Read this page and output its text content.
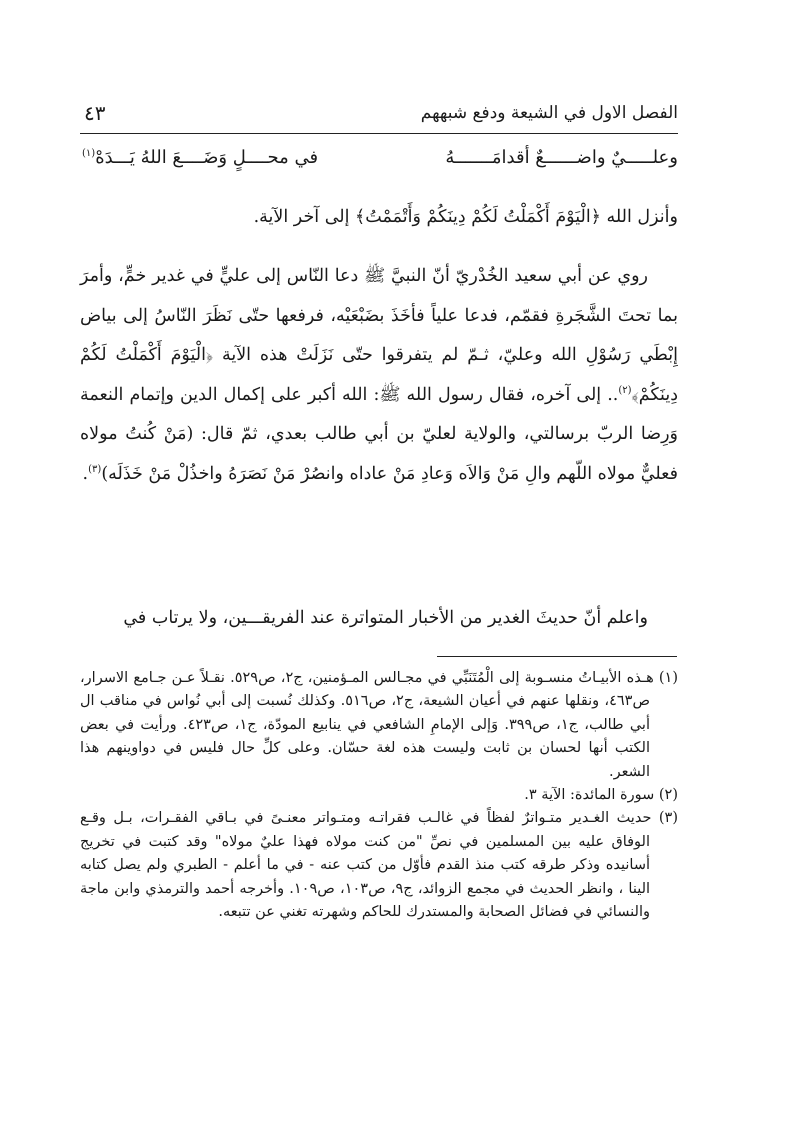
الفصل الاول في الشيعة ودفع شبههم
٤٣
وعلـــــيٌ واضــــــعٌ أقدامَـــــــهُ
في محــــلٍ وَضَــــعَ اللهُ يَـــدَهْ$^{(١)}$
وأنزل الله ﴿الْيَوْمَ أَكْمَلْتُ لَكُمْ دِينَكُمْ وَأَتْمَمْتُ﴾ إلى آخر الآية.
روي عن أبي سعيد الخُدْريّ أنّ النبيَّ ﷺ دعا النّاس إلى عليٍّ في غدير خمٍّ، وأمرَ بما تحتَ الشَّجَرةِ فقمّم، فدعا علياً فأخَذَ بضَبْعَيْه، فرفعها حتّى نَظَرَ النّاسُ إلى بياض إِبْطَي رَسُوْلِ الله وعليّ، ثـمّ لم يتفرقوا حتّى نَزَلَتْ هذه الآية ﴿الْيَوْمَ أَكْمَلْتُ لَكُمْ دِينَكُمْ﴾$^{(٢)}$.. إلى آخره، فقال رسول الله ﷺ: الله أكبر على إكمال الدين وإتمام النعمة وَرِضا الربّ برسالتي، والولاية لعليّ بن أبي طالب بعدي، ثمّ قال: (مَنْ كُنتُ مولاه فعليٌّ مولاه اللّهم والِ مَنْ وَالاَه وَعادِ مَنْ عاداه وانصُرْ مَنْ نَصَرَهُ واخذُلْ مَنْ خَذَلَه)$^{(٣)}$.
واعلم أنّ حديثَ الغدير من الأخبار المتواترة عند الفريقـــين، ولا يرتاب في

(١) هـذه الأبيـاتُ منسـوبة إلى الْمُتَنَبِّي في مجـالس المـؤمنين، ج٢، ص٥٢٩. نقـلاً عـن جـامع الاسرار، ص٤٦٣، ونقلها عنهم في أعيان الشيعة، ج٢، ص٥١٦. وكذلك نُسبت إلى أبي نُواس في مناقب ال أبي طالب، ج١، ص٣٩٩. وَإلى الإمامِ الشافعي في ينابيع المودّة، ج١، ص٤٢٣. ورأيت في بعض الكتب أنها لحسان بن ثابت وليست هذه لغة حسّان. وعلى كلِّ حال فليس في دواوينهم هذا الشعر.

(٢) سورة المائدة: الآية ٣.

(٣) حديث الغـدير متـواترٌ لفظاً في غالـب فقراتـه ومتـواتر معنـىً في بـاقي الفقـرات، بـل وقـع الوفاق عليه بين المسلمين في نصِّ "من كنت مولاه فهذا عليٌ مولاه" وقد كتبت في تخريج أسانيده وذكر طرقه كتب منذ القدم فأوّل من كتب عنه - في ما أعلم - الطبري ولم يصل كتابه الينا ، وانظر الحديث في مجمع الزوائد، ج٩، ص١٠٣، ص١٠٩. وأخرجه أحمد والترمذي وابن ماجة والنسائي في فضائل الصحابة والمستدرك للحاكم وشهرته تغني عن تتبعه.
